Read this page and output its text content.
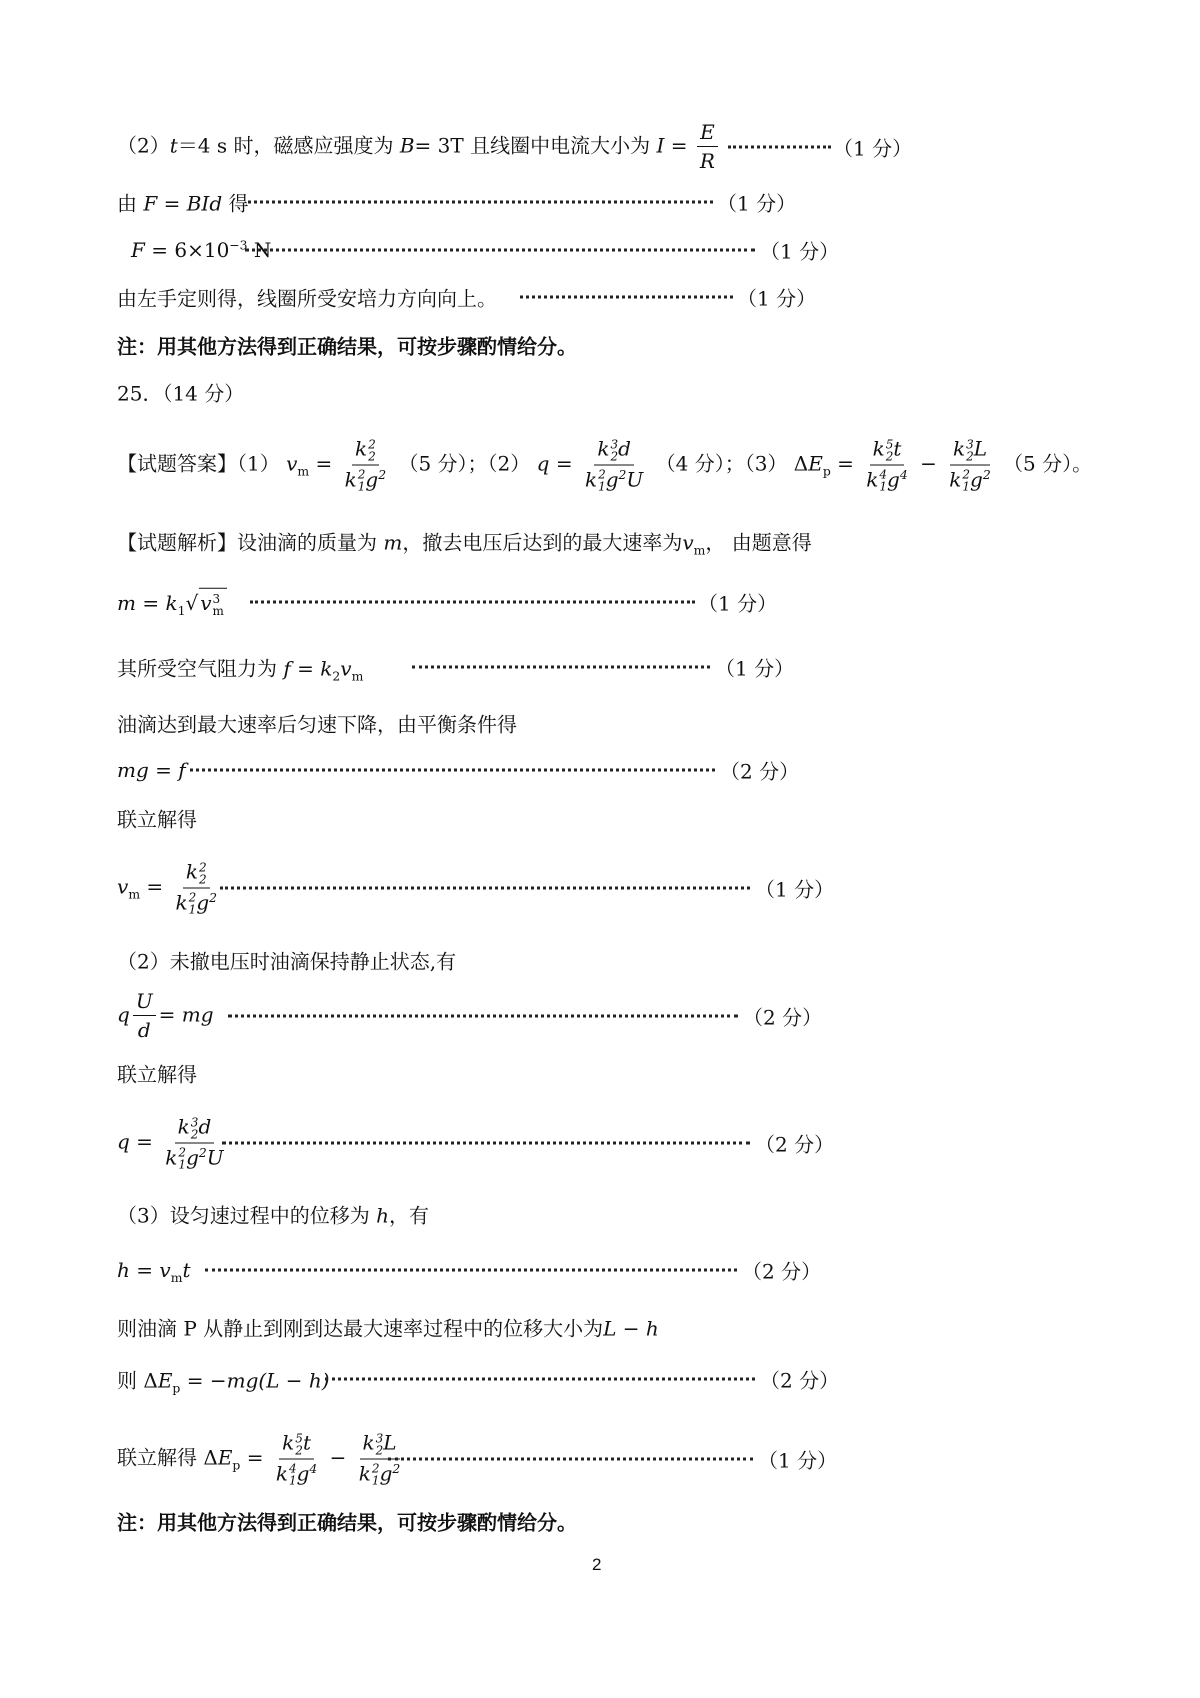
（2）t＝4 s 时，磁感应强度为 B= 3T 且线圈中电流大小为 $I = \frac{E}{R}$	（1 分）
由 F = BId 得	（1 分）
$F = 6\times 10^{-3}$ N	（1 分）
由左手定则得，线圈所受安培力方向向上。	（1 分）
注：用其他方法得到正确结果，可按步骤酌情给分。
25．（14 分）
【试题答案】（1） $v_m = k$ 2
2
k 2
1 $g^2$ （5 分）；（2） q = k 3
2 d
k 2
1 $g^2U$ （4 分）；（3） $\Delta E_p = k$ 5
2 t
k 4
1 $g^4 - k$ 3
2 L
k 2
1 $g^2$ （5 分）。
【试题解析】设油滴的质量为 m，撤去电压后达到的最大速率为$v_m$， 由题意得
$m = k_1√$ v 3
m	（1 分）
其所受空气阻力为 $f = k_2v_m$	（1 分）
油滴达到最大速率后匀速下降，由平衡条件得
mg = f	（2 分）
联立解得
$v_m = k$ 2
2
k 2
1 $g^2$	（1 分）
（2）未撤电压时油滴保持静止状态,有
q $\frac{U}{d}$ = mg	（2 分）
联立解得
q = k 3
2 d
k 2
1 $g^2U$	（2 分）
（3）设匀速过程中的位移为 h，有
$h = v_mt$	（2 分）
则油滴 P 从静止到刚到达最大速率过程中的位移大小为L − h
则 $\Delta E_p = -mg(L - h)$	（2 分）
联立解得 $\Delta E_p = k$ 5
2 t
k 4
1 $g^4 - k$ 3
2 L
k 2
1 $g^2$	（1 分）
注：用其他方法得到正确结果，可按步骤酌情给分。
2
